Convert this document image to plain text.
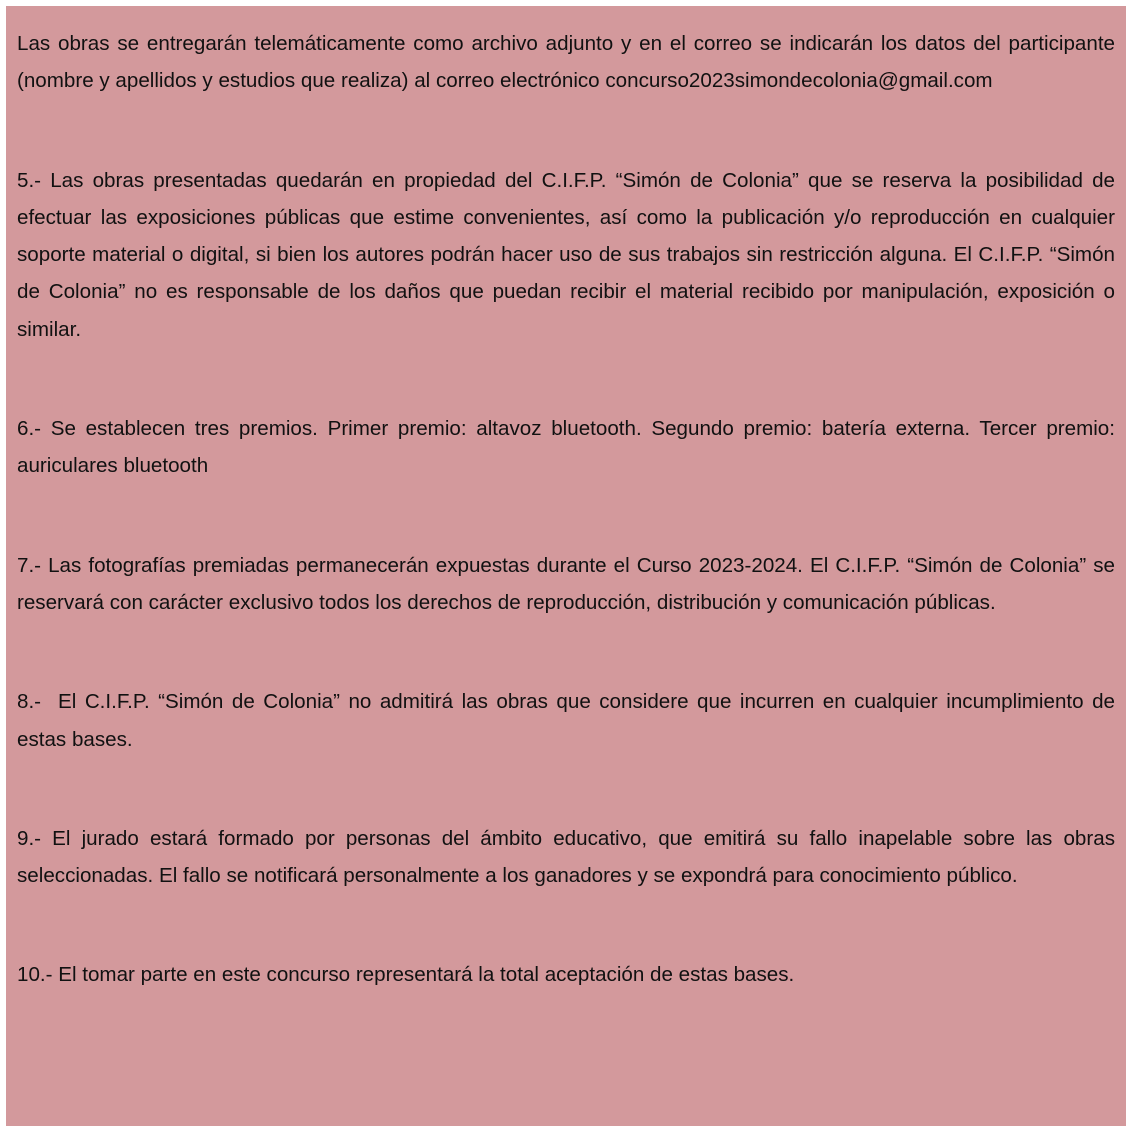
Las obras se entregarán telemáticamente como archivo adjunto y en el correo se indicarán los datos del participante (nombre y apellidos y estudios que realiza) al correo electrónico concurso2023simondecolonia@gmail.com

5.- Las obras presentadas quedarán en propiedad del C.I.F.P. “Simón de Colonia” que se reserva la posibilidad de efectuar las exposiciones públicas que estime convenientes, así como la publicación y/o reproducción en cualquier soporte material o digital, si bien los autores podrán hacer uso de sus trabajos sin restricción alguna. El C.I.F.P. “Simón de Colonia” no es responsable de los daños que puedan recibir el material recibido por manipulación, exposición o similar.

6.- Se establecen tres premios. Primer premio: altavoz bluetooth. Segundo premio: batería externa. Tercer premio: auriculares bluetooth

7.- Las fotografías premiadas permanecerán expuestas durante el Curso 2023-2024. El C.I.F.P. “Simón de Colonia” se reservará con carácter exclusivo todos los derechos de reproducción, distribución y comunicación públicas.

8.-  El C.I.F.P. “Simón de Colonia” no admitirá las obras que considere que incurren en cualquier incumplimiento de estas bases.

9.- El jurado estará formado por personas del ámbito educativo, que emitirá su fallo inapelable sobre las obras seleccionadas. El fallo se notificará personalmente a los ganadores y se expondrá para conocimiento público.

10.- El tomar parte en este concurso representará la total aceptación de estas bases.
